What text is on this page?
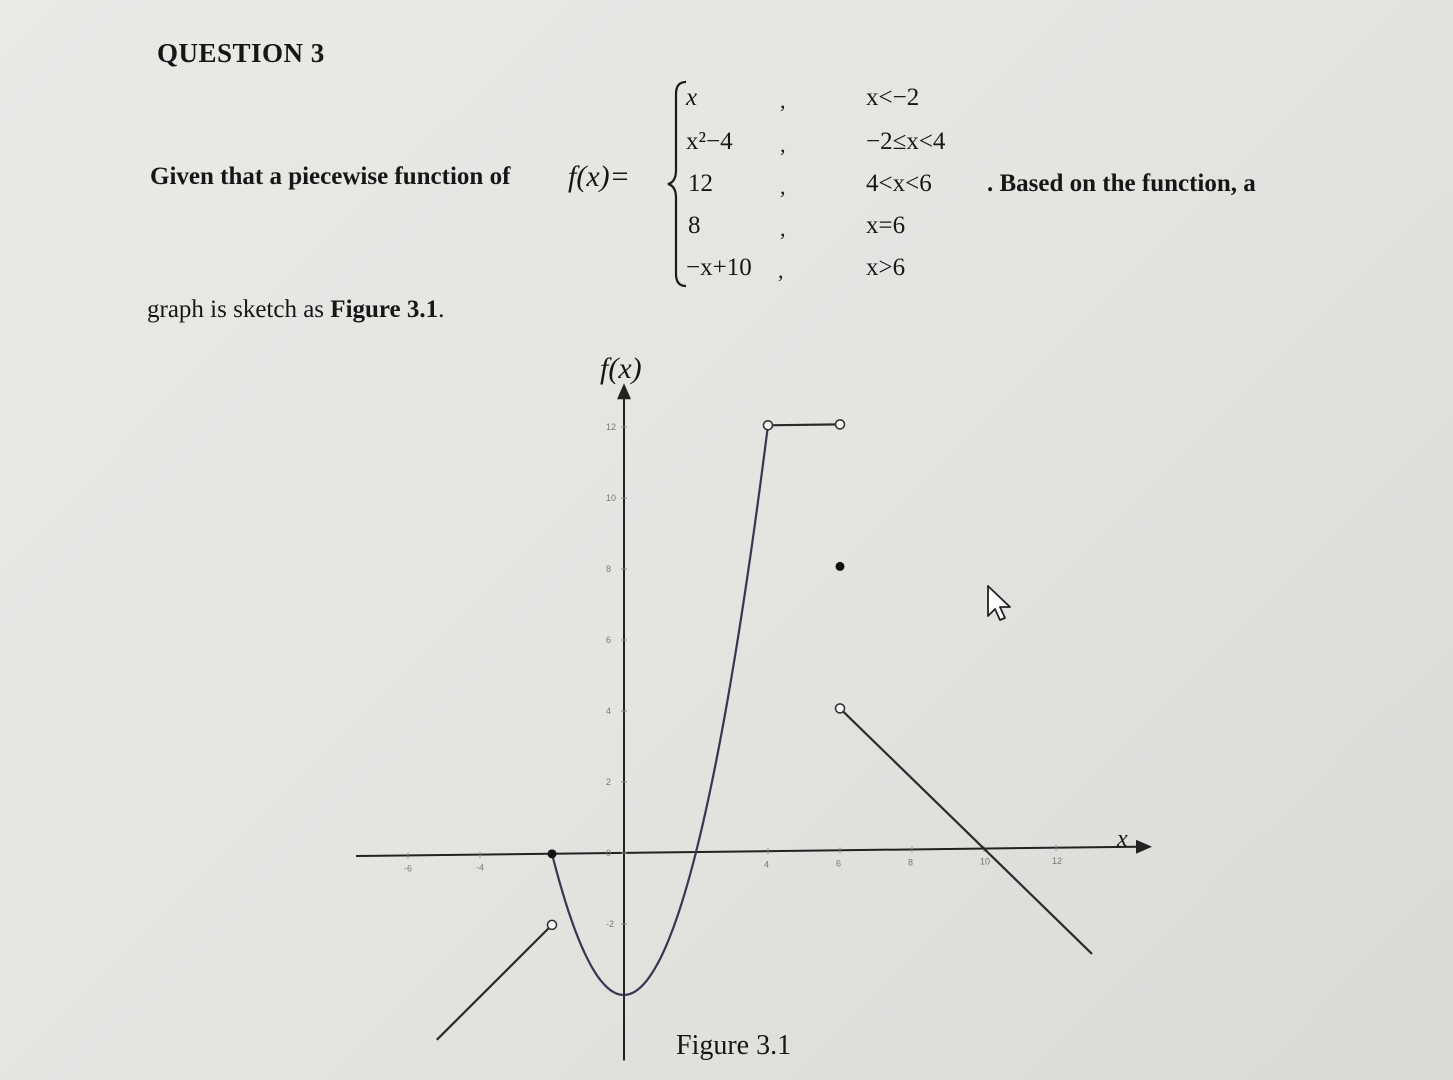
QUESTION 3
Given that a piecewise function of f(x)=
x	,	x<−2
x²−4 ,	−2≤x<4
12	,	4<x<6
8	,	x=6
−x+10 ,	x>6
. Based on the function, a
graph is sketch as Figure 3.1.
-6	-4	4	6	8	10	12
12
10
8
6
4
2
0
-2
f(x)
x
Figure 3.1
